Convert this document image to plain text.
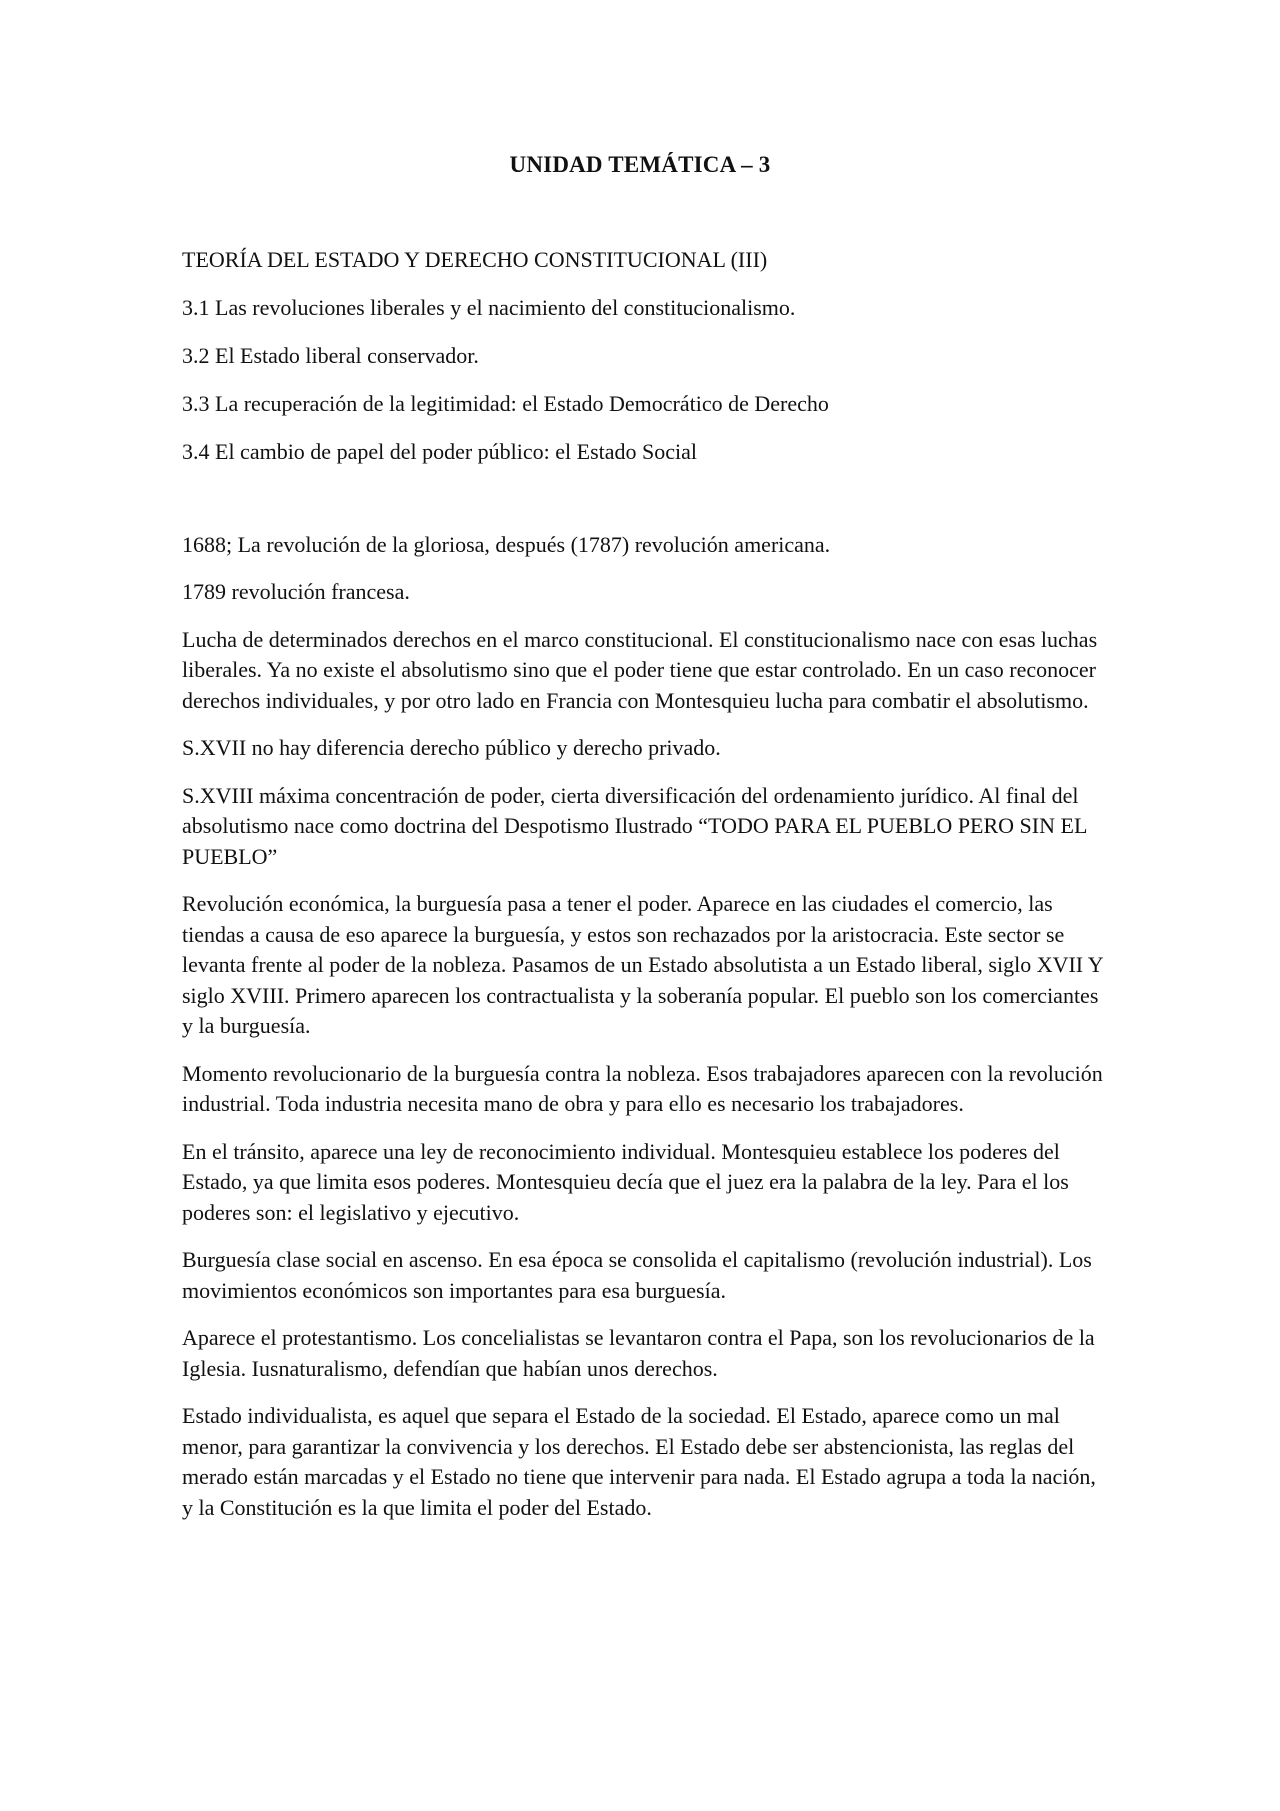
UNIDAD TEMÁTICA – 3

TEORÍA DEL ESTADO Y DERECHO CONSTITUCIONAL (III)

3.1 Las revoluciones liberales y el nacimiento del constitucionalismo.

3.2 El Estado liberal conservador.

3.3 La recuperación de la legitimidad: el Estado Democrático de Derecho

3.4 El cambio de papel del poder público: el Estado Social

1688; La revolución de la gloriosa, después (1787) revolución americana.

1789 revolución francesa.

Lucha de determinados derechos en el marco constitucional. El constitucionalismo nace con esas luchas liberales. Ya no existe el absolutismo sino que el poder tiene que estar controlado. En un caso reconocer derechos individuales, y por otro lado en Francia con Montesquieu lucha para combatir el absolutismo.

S.XVII no hay diferencia derecho público y derecho privado.

S.XVIII máxima concentración de poder, cierta diversificación del ordenamiento jurídico. Al final del absolutismo nace como doctrina del Despotismo Ilustrado “TODO PARA EL PUEBLO PERO SIN EL PUEBLO”

Revolución económica, la burguesía pasa a tener el poder. Aparece en las ciudades el comercio, las tiendas a causa de eso aparece la burguesía, y estos son rechazados por la aristocracia. Este sector se levanta frente al poder de la nobleza. Pasamos de un Estado absolutista a un Estado liberal, siglo XVII Y siglo XVIII. Primero aparecen los contractualista y la soberanía popular. El pueblo son los comerciantes y la burguesía.

Momento revolucionario de la burguesía contra la nobleza. Esos trabajadores aparecen con la revolución industrial. Toda industria necesita mano de obra y para ello es necesario los trabajadores.

En el tránsito, aparece una ley de reconocimiento individual. Montesquieu establece los poderes del Estado, ya que limita esos poderes. Montesquieu decía que el juez era la palabra de la ley. Para el los poderes son: el legislativo y ejecutivo.

Burguesía clase social en ascenso. En esa época se consolida el capitalismo (revolución industrial). Los movimientos económicos son importantes para esa burguesía.

Aparece el protestantismo. Los concelialistas se levantaron contra el Papa, son los revolucionarios de la Iglesia. Iusnaturalismo, defendían que habían unos derechos.

Estado individualista, es aquel que separa el Estado de la sociedad. El Estado, aparece como un mal menor, para garantizar la convivencia y los derechos. El Estado debe ser abstencionista, las reglas del merado están marcadas y el Estado no tiene que intervenir para nada. El Estado agrupa a toda la nación, y la Constitución es la que limita el poder del Estado.
